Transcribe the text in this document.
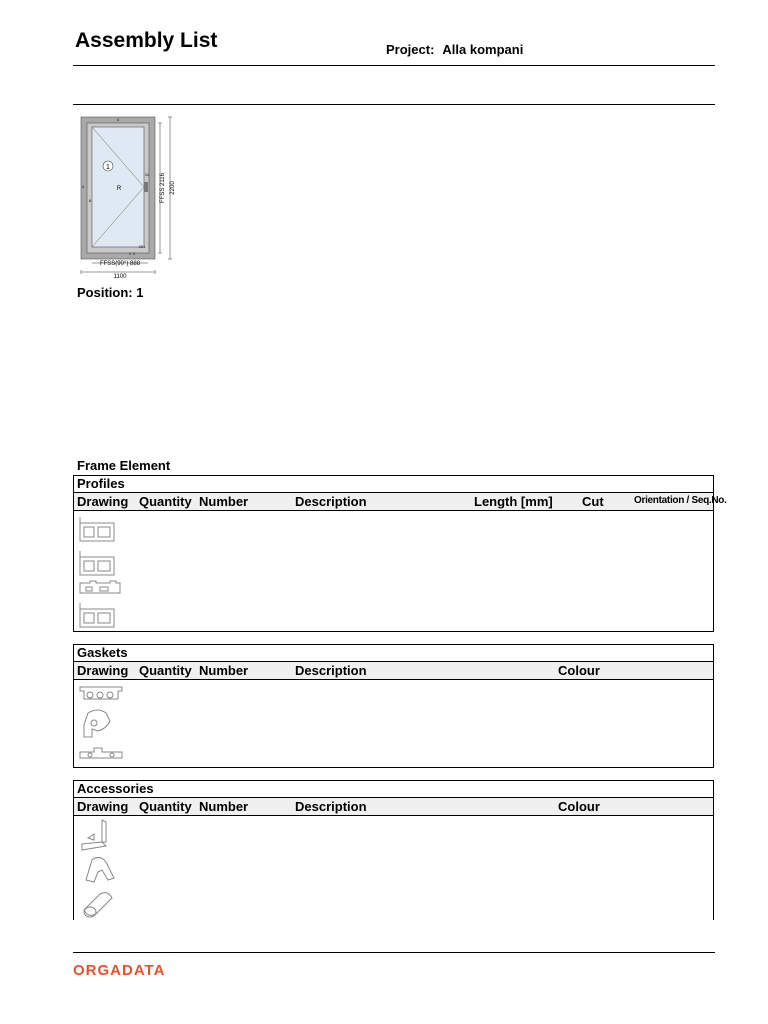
Assembly List	Project: Alla kompani
1
R
4
4
6
11
1
201
2
FFSS 2116 2200
FFSS(90°) 888
1100
Position: 1
Frame Element
Profiles
Drawing Quantity Number	Description	Length [mm] Cut	Orientation / Seq.No.
Gaskets
Drawing Quantity Number	Description	Colour
Accessories
Drawing Quantity Number	Description	Colour
ORGADATA
